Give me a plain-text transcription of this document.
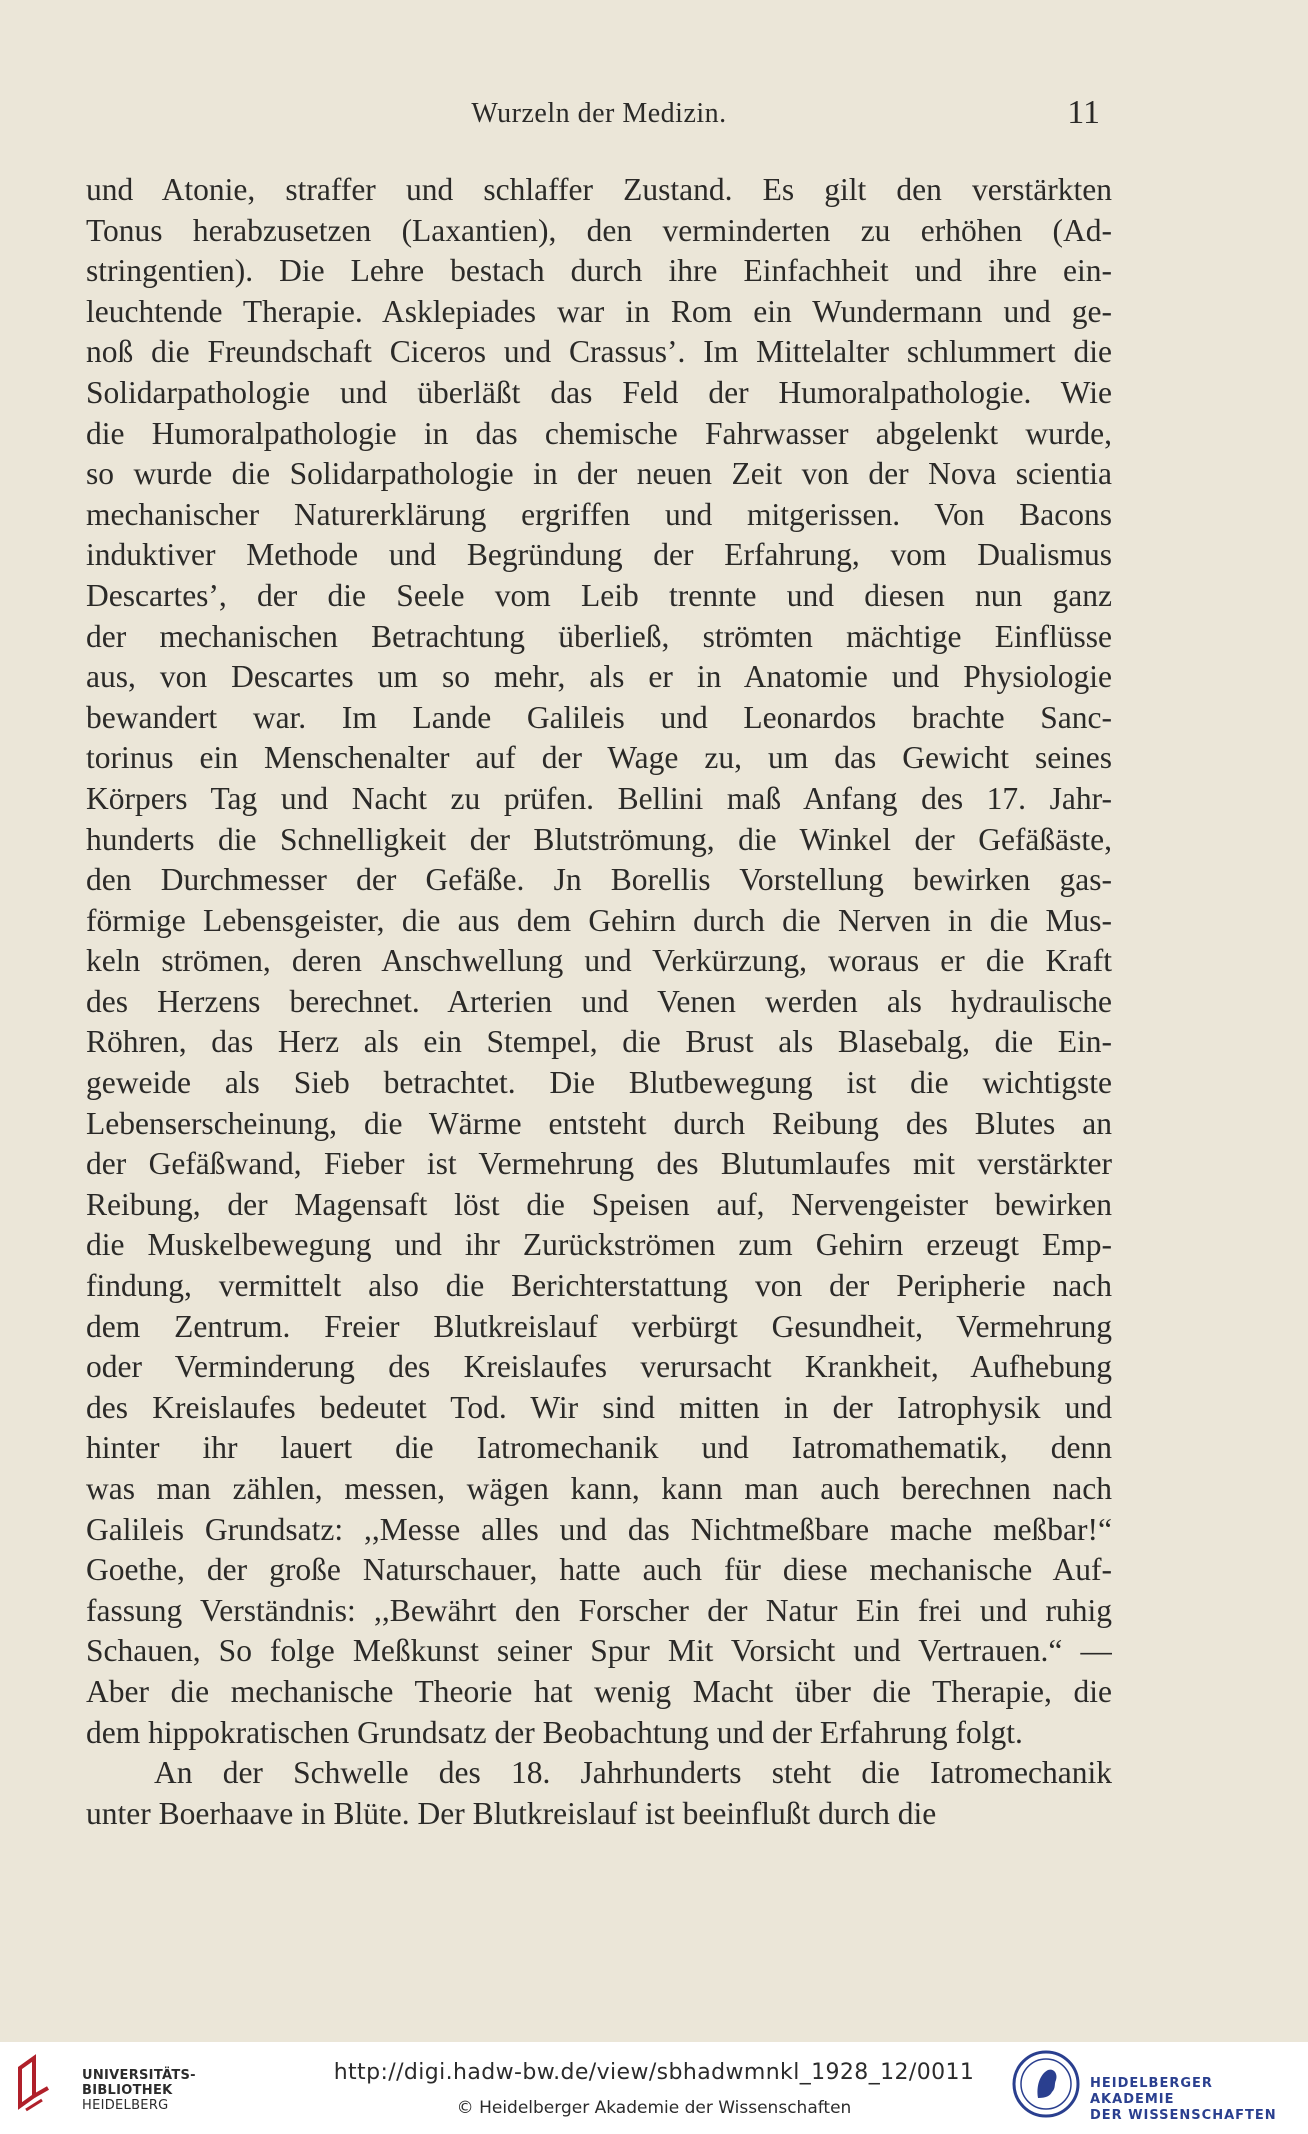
Wurzeln der Medizin.	11
und Atonie, straffer und schlaffer Zustand. Es gilt den verstärkten
Tonus herabzusetzen (Laxantien), den verminderten zu erhöhen (Ad-
stringentien). Die Lehre bestach durch ihre Einfachheit und ihre ein-
leuchtende Therapie. Asklepiades war in Rom ein Wundermann und ge-
noß die Freundschaft Ciceros und Crassus’. Im Mittelalter schlummert die
Solidarpathologie und überläßt das Feld der Humoralpathologie. Wie
die Humoralpathologie in das chemische Fahrwasser abgelenkt wurde,
so wurde die Solidarpathologie in der neuen Zeit von der Nova scientia
mechanischer Naturerklärung ergriffen und mitgerissen. Von Bacons
induktiver Methode und Begründung der Erfahrung, vom Dualismus
Descartes’, der die Seele vom Leib trennte und diesen nun ganz
der mechanischen Betrachtung überließ, strömten mächtige Einflüsse
aus, von Descartes um so mehr, als er in Anatomie und Physiologie
bewandert war. Im Lande Galileis und Leonardos brachte Sanc-
torinus ein Menschenalter auf der Wage zu, um das Gewicht seines
Körpers Tag und Nacht zu prüfen. Bellini maß Anfang des 17. Jahr-
hunderts die Schnelligkeit der Blutströmung, die Winkel der Gefäßäste,
den Durchmesser der Gefäße. Jn Borellis Vorstellung bewirken gas-
förmige Lebensgeister, die aus dem Gehirn durch die Nerven in die Mus-
keln strömen, deren Anschwellung und Verkürzung, woraus er die Kraft
des Herzens berechnet. Arterien und Venen werden als hydraulische
Röhren, das Herz als ein Stempel, die Brust als Blasebalg, die Ein-
geweide als Sieb betrachtet. Die Blutbewegung ist die wichtigste
Lebenserscheinung, die Wärme entsteht durch Reibung des Blutes an
der Gefäßwand, Fieber ist Vermehrung des Blutumlaufes mit verstärkter
Reibung, der Magensaft löst die Speisen auf, Nervengeister bewirken
die Muskelbewegung und ihr Zurückströmen zum Gehirn erzeugt Emp-
findung, vermittelt also die Berichterstattung von der Peripherie nach
dem Zentrum. Freier Blutkreislauf verbürgt Gesundheit, Vermehrung
oder Verminderung des Kreislaufes verursacht Krankheit, Aufhebung
des Kreislaufes bedeutet Tod. Wir sind mitten in der Iatrophysik und
hinter ihr lauert die Iatromechanik und Iatromathematik, denn
was man zählen, messen, wägen kann, kann man auch berechnen nach
Galileis Grundsatz: ,,Messe alles und das Nichtmeßbare mache meßbar!“
Goethe, der große Naturschauer, hatte auch für diese mechanische Auf-
fassung Verständnis: ,,Bewährt den Forscher der Natur Ein frei und ruhig
Schauen, So folge Meßkunst seiner Spur Mit Vorsicht und Vertrauen.“ —
Aber die mechanische Theorie hat wenig Macht über die Therapie, die
dem hippokratischen Grundsatz der Beobachtung und der Erfahrung folgt.
An der Schwelle des 18. Jahrhunderts steht die Iatromechanik
unter Boerhaave in Blüte. Der Blutkreislauf ist beeinflußt durch die
UNIVERSITÄTS-
BIBLIOTHEK
HEIDELBERG
http://digi.hadw-bw.de/view/sbhadwmnkl_1928_12/0011
© Heidelberger Akademie der Wissenschaften
HEIDELBERGER AKADEMIE
DER WISSENSCHAFTEN
